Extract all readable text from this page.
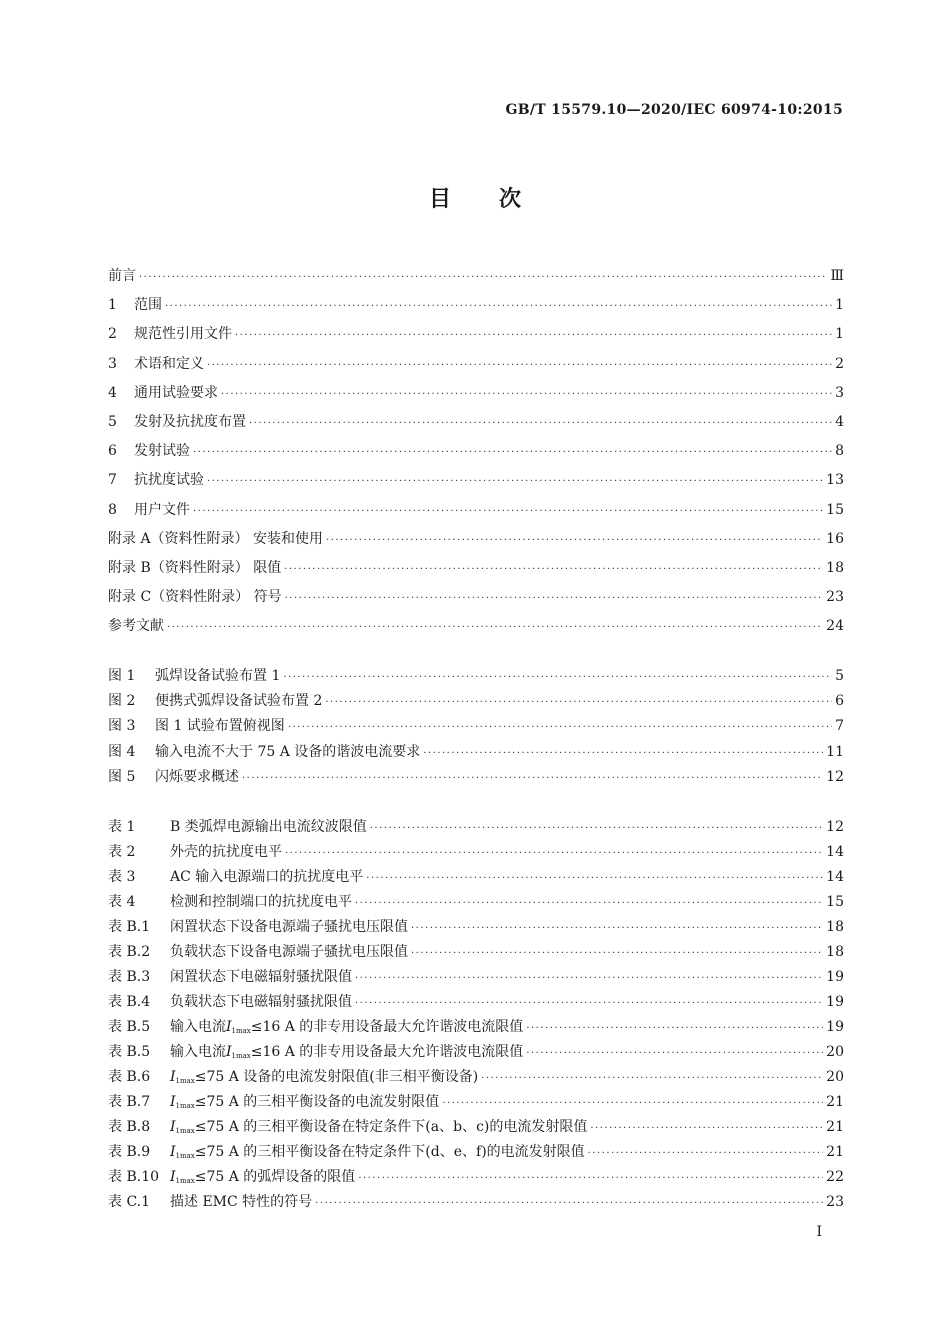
GB/T 15579.10—2020/IEC 60974-10:2015
目 次
前言 ·····	Ⅲ
1 范围 ·····	1
2 规范性引用文件 ·····	1
3 术语和定义 ·····	2
4 通用试验要求 ·····	3
5 发射及抗扰度布置 ·····	4
6 发射试验 ·····	8
7 抗扰度试验 ·····	13
8 用户文件 ·····	15
附录 A（资料性附录） 安装和使用 ·····	16
附录 B（资料性附录） 限值 ·····	18
附录 C（资料性附录） 符号 ·····	23
参考文献 ·····	24
图 1 弧焊设备试验布置 1 ·····	5
图 2 便携式弧焊设备试验布置 2 ·····	6
图 3 图 1 试验布置俯视图 ·····	7
图 4 输入电流不大于 75 A 设备的谐波电流要求 ·····	11
图 5 闪烁要求概述 ·····	12
表 1 B 类弧焊电源输出电流纹波限值 ·····	12
表 2 外壳的抗扰度电平 ·····	14
表 3 AC 输入电源端口的抗扰度电平 ·····	14
表 4 检测和控制端口的抗扰度电平 ·····	15
表 B.1 闲置状态下设备电源端子骚扰电压限值 ·····	18
表 B.2 负载状态下设备电源端子骚扰电压限值 ·····	18
表 B.3 闲置状态下电磁辐射骚扰限值 ·····	19
表 B.4 负载状态下电磁辐射骚扰限值 ·····	19
表 B.5 输入电流$I_{1max}\le 16$ A 的非专用设备最大允许谐波电流限值 ·····	19
表 B.5 输入电流$I_{1max}\le 16$ A 的非专用设备最大允许谐波电流限值 ·····	20
表 B.6 $I_{1max}\le 75$ A 设备的电流发射限值(非三相平衡设备) ·····	20
表 B.7 $I_{1max}\le 75$ A 的三相平衡设备的电流发射限值 ·····	21
表 B.8 $I_{1max}\le 75$ A 的三相平衡设备在特定条件下(a、b、c)的电流发射限值 ·····	21
表 B.9 $I_{1max}\le 75$ A 的三相平衡设备在特定条件下(d、e、f)的电流发射限值 ·····	21
表 B.10 $I_{1max}\le 75$ A 的弧焊设备的限值 ·····	22
表 C.1 描述 EMC 特性的符号 ·····	23
I
